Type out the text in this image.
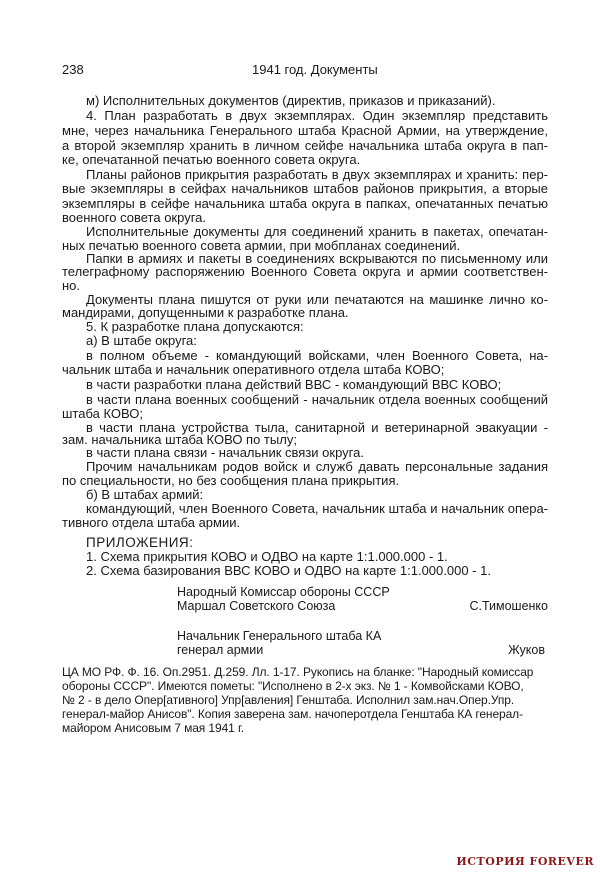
238	1941 год. Документы
м) Исполнительных документов (директив, приказов и приказаний).
4. План разработать в двух экземплярах. Один экземпляр представить
мне, через начальника Генерального штаба Красной Армии, на утверждение,
а второй экземпляр хранить в личном сейфе начальника штаба округа в пап-
ке, опечатанной печатью военного совета округа.
Планы районов прикрытия разработать в двух экземплярах и хранить: пер-
вые экземпляры в сейфах начальников штабов районов прикрытия, а вторые
экземпляры в сейфе начальника штаба округа в папках, опечатанных печатью
военного совета округа.
Исполнительные документы для соединений хранить в пакетах, опечатан-
ных печатью военного совета армии, при мобпланах соединений.
Папки в армиях и пакеты в соединениях вскрываются по письменному или
телеграфному распоряжению Военного Совета округа и армии соответствен-
но.
Документы плана пишутся от руки или печатаются на машинке лично ко-
мандирами, допущенными к разработке плана.
5. К разработке плана допускаются:
а) В штабе округа:
в полном объеме - командующий войсками, член Военного Совета, на-
чальник штаба и начальник оперативного отдела штаба КОВО;
в части разработки плана действий ВВС - командующий ВВС КОВО;
в части плана военных сообщений - начальник отдела военных сообщений
штаба КОВО;
в части плана устройства тыла, санитарной и ветеринарной эвакуации -
зам. начальника штаба КОВО по тылу;
в части плана связи - начальник связи округа.
Прочим начальникам родов войск и служб давать персональные задания
по специальности, но без сообщения плана прикрытия.
б) В штабах армий:
командующий, член Военного Совета, начальник штаба и начальник опера-
тивного отдела штаба армии.
ПРИЛОЖЕНИЯ:
1. Схема прикрытия КОВО и ОДВО на карте 1:1.000.000 - 1.
2. Схема базирования ВВС КОВО и ОДВО на карте 1:1.000.000 - 1.
Народный Комиссар обороны СССР
Маршал Советского Союза	С.Тимошенко
Начальник Генерального штаба КА
генерал армии	Жуков
ЦА МО РФ. Ф. 16. Оп.2951. Д.259. Лл. 1-17. Рукопись на бланке: "Народный комиссар
обороны СССР". Имеются пометы: "Исполнено в 2-х экз. № 1 - Комвойсками КОВО,
№ 2 - в дело Опер[ативного] Упр[авления] Генштаба. Исполнил зам.нач.Опер.Упр.
генерал-майор Анисов". Копия заверена зам. начоперотдела Генштаба КА генерал-
майором Анисовым 7 мая 1941 г.
ИСТОРИЯ FOREVER
